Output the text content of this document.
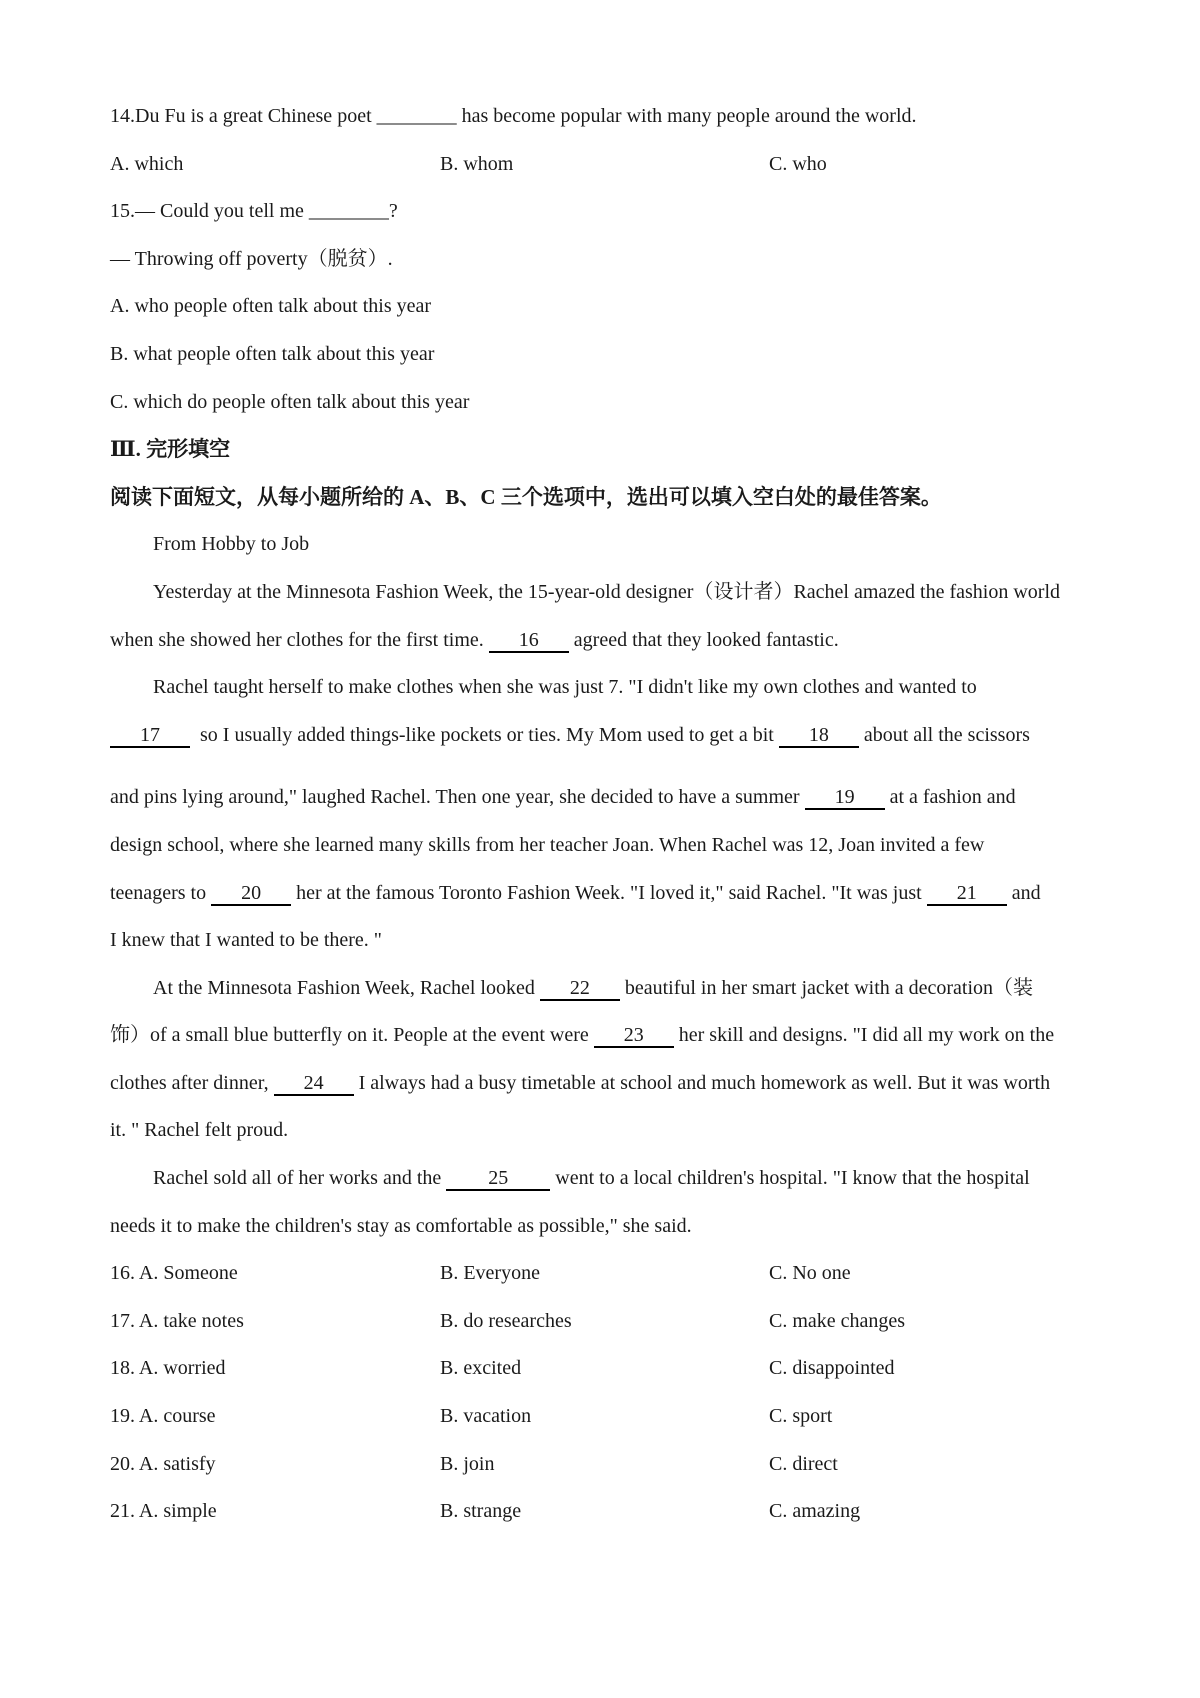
14.Du Fu is a great Chinese poet ________ has become popular with many people around the world.
A. which	B. whom	C. who
15.— Could you tell me ________?
— Throwing off poverty（脱贫）.
A. who people often talk about this year
B. what people often talk about this year
C. which do people often talk about this year
Ⅲ. 完形填空
阅读下面短文，从每小题所给的 A、B、C 三个选项中，选出可以填入空白处的最佳答案。
From Hobby to Job
Yesterday at the Minnesota Fashion Week, the 15-year-old designer（设计者）Rachel amazed the fashion world
when she showed her clothes for the first time. 16 agreed that they looked fantastic.
Rachel taught herself to make clothes when she was just 7. "I didn't like my own clothes and wanted to
17  so I usually added things-like pockets or ties. My Mom used to get a bit 18 about all the scissors
and pins lying around," laughed Rachel. Then one year, she decided to have a summer 19 at a fashion and
design school, where she learned many skills from her teacher Joan. When Rachel was 12, Joan invited a few
teenagers to 20 her at the famous Toronto Fashion Week. "I loved it," said Rachel. "It was just 21 and
I knew that I wanted to be there. "
At the Minnesota Fashion Week, Rachel looked 22 beautiful in her smart jacket with a decoration（装
饰）of a small blue butterfly on it. People at the event were 23 her skill and designs. "I did all my work on the
clothes after dinner, 24 I always had a busy timetable at school and much homework as well. But it was worth
it. " Rachel felt proud.
Rachel sold all of her works and the 25 went to a local children's hospital. "I know that the hospital
needs it to make the children's stay as comfortable as possible," she said.
16. A. Someone	B. Everyone	C. No one
17. A. take notes	B. do researches	C. make changes
18. A. worried	B. excited	C. disappointed
19. A. course	B. vacation	C. sport
20. A. satisfy	B. join	C. direct
21. A. simple	B. strange	C. amazing
